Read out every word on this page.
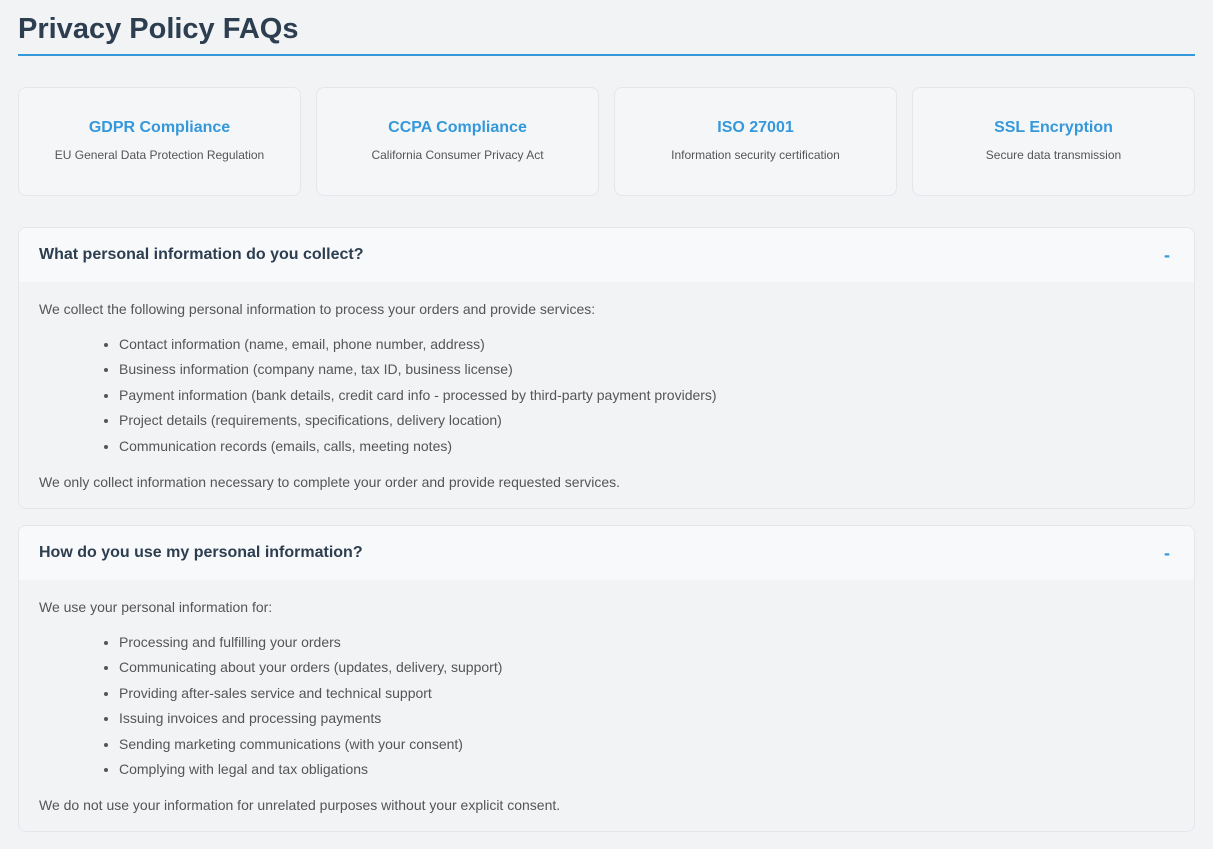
Privacy Policy FAQs
GDPR Compliance
EU General Data Protection Regulation
CCPA Compliance
California Consumer Privacy Act
ISO 27001
Information security certification
SSL Encryption
Secure data transmission
What personal information do you collect?	-

We collect the following personal information to process your orders and provide services:

• Contact information (name, email, phone number, address)
• Business information (company name, tax ID, business license)
• Payment information (bank details, credit card info - processed by third-party payment providers)
• Project details (requirements, specifications, delivery location)
• Communication records (emails, calls, meeting notes)

We only collect information necessary to complete your order and provide requested services.

How do you use my personal information?	-

We use your personal information for:

• Processing and fulfilling your orders
• Communicating about your orders (updates, delivery, support)
• Providing after-sales service and technical support
• Issuing invoices and processing payments
• Sending marketing communications (with your consent)
• Complying with legal and tax obligations

We do not use your information for unrelated purposes without your explicit consent.
